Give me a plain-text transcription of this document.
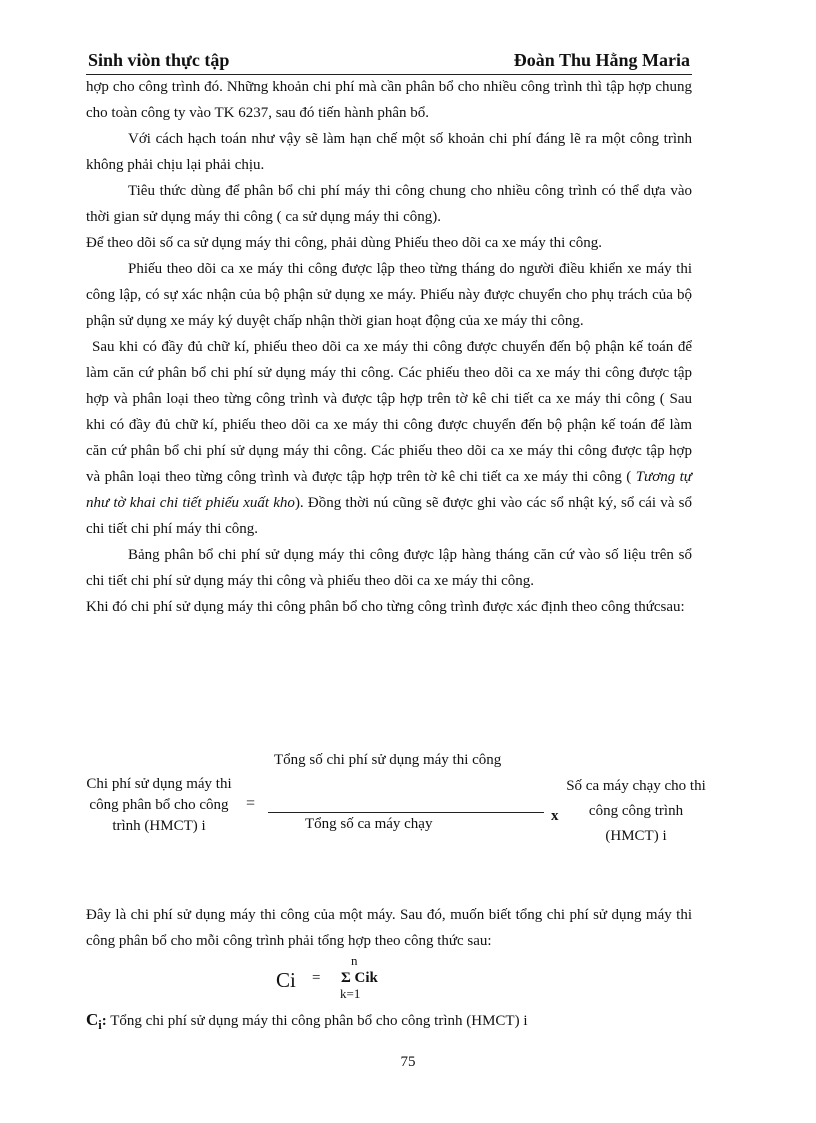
Sinh viòn thực tập	Đoàn Thu Hằng Maria

hợp cho công trình đó. Những khoản chi phí mà cần phân bổ cho nhiều công trình thì tập hợp chung cho toàn công ty vào TK 6237, sau đó tiến hành phân bổ.

Với cách hạch toán như vậy sẽ làm hạn chế một số khoản chi phí đáng lẽ ra một công trình không phải chịu lại phải chịu.

Tiêu thức dùng để phân bổ chi phí máy thi công chung cho nhiều công trình có thể dựa vào thời gian sử dụng máy thi công ( ca sử dụng máy thi công).

Để theo dõi số ca sử dụng máy thi công, phải dùng Phiếu theo dõi ca xe máy thi công.

Phiếu theo dõi ca xe máy thi công được lập theo từng tháng do người điều khiển xe máy thi công lập, có sự xác nhận của bộ phận sử dụng xe máy. Phiếu này được chuyển cho phụ trách của bộ phận sử dụng xe máy ký duyệt chấp nhận thời gian hoạt động của xe máy thi công.

Sau khi có đầy đủ chữ kí, phiếu theo dõi ca xe máy thi công được chuyển đến bộ phận kế toán để làm căn cứ phân bổ chi phí sử dụng máy thi công. Các phiếu theo dõi ca xe máy thi công được tập hợp và phân loại theo từng công trình và được tập hợp trên tờ kê chi tiết ca xe máy thi công ( Sau khi có đầy đủ chữ kí, phiếu theo dõi ca xe máy thi công được chuyển đến bộ phận kế toán để làm căn cứ phân bổ chi phí sử dụng máy thi công. Các phiếu theo dõi ca xe máy thi công được tập hợp và phân loại theo từng công trình và được tập hợp trên tờ kê chi tiết ca xe máy thi công ( Tương tự như tờ khai chi tiết phiếu xuất kho). Đồng thời nú cũng sẽ được ghi vào các sổ nhật ký, sổ cái và sổ chi tiết chi phí máy thi công.

Bảng phân bổ chi phí sử dụng máy thi công được lập hàng tháng căn cứ vào số liệu trên sổ chi tiết chi phí sử dụng máy thi công và phiếu theo dõi ca xe máy thi công.

Khi đó chi phí sử dụng máy thi công phân bổ cho từng công trình được xác định theo công thứcsau:

Tổng số chi phí sử dụng máy thi công
Tổng số ca máy chạy
Chi phí sử dụng máy thi công phân bổ cho công trình (HMCT) i
=
x
Số ca máy chạy cho thi công công trình (HMCT) i

Đây là chi phí sử dụng máy thi công của một máy. Sau đó, muốn biết tổng chi phí sử dụng máy thi công phân bổ cho mỗi công trình phải tổng hợp theo công thức sau:

Ci =
n
Σ Cik
k=1
$C_i$: Tổng chi phí sử dụng máy thi công phân bổ cho công trình (HMCT) i
75
